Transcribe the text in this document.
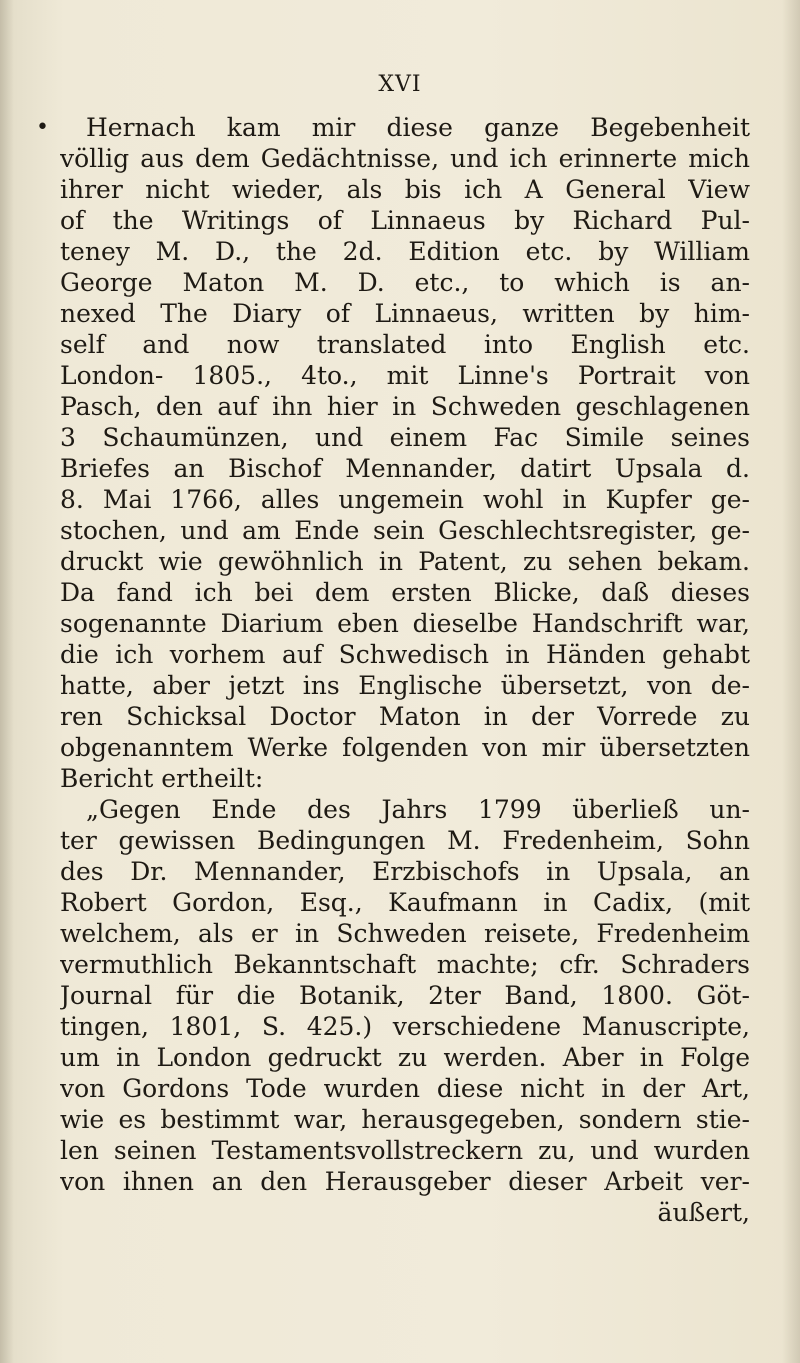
XVI
•	Hernach kam mir diese ganze Begebenheit
völlig aus dem Gedächtnisse, und ich erinnerte mich
ihrer nicht wieder, als bis ich A General View
of the Writings of Linnaeus by Richard Pul-
teney M. D., the 2d. Edition etc. by William
George Maton M. D. etc., to which is an-
nexed The Diary of Linnaeus, written by him-
self and now translated into English etc.
London- 1805., 4to., mit Linne's Portrait von
Pasch, den auf ihn hier in Schweden geschlagenen
3 Schaumünzen, und einem Fac Simile seines
Briefes an Bischof Mennander, datirt Upsala d.
8. Mai 1766, alles ungemein wohl in Kupfer ge-
stochen, und am Ende sein Geschlechtsregister, ge-
druckt wie gewöhnlich in Patent, zu sehen bekam.
Da fand ich bei dem ersten Blicke, daß dieses
sogenannte Diarium eben dieselbe Handschrift war,
die ich vorhem auf Schwedisch in Händen gehabt
hatte, aber jetzt ins Englische übersetzt, von de-
ren Schicksal Doctor Maton in der Vorrede zu
obgenanntem Werke folgenden von mir übersetzten
Bericht ertheilt:
„Gegen Ende des Jahrs 1799 überließ un-
ter gewissen Bedingungen M. Fredenheim, Sohn
des Dr. Mennander, Erzbischofs in Upsala, an
Robert Gordon, Esq., Kaufmann in Cadix, (mit
welchem, als er in Schweden reisete, Fredenheim
vermuthlich Bekanntschaft machte; cfr. Schraders
Journal für die Botanik, 2ter Band, 1800. Göt-
tingen, 1801, S. 425.) verschiedene Manuscripte,
um in London gedruckt zu werden. Aber in Folge
von Gordons Tode wurden diese nicht in der Art,
wie es bestimmt war, herausgegeben, sondern stie-
len seinen Testamentsvollstreckern zu, und wurden
von ihnen an den Herausgeber dieser Arbeit ver-
äußert,
